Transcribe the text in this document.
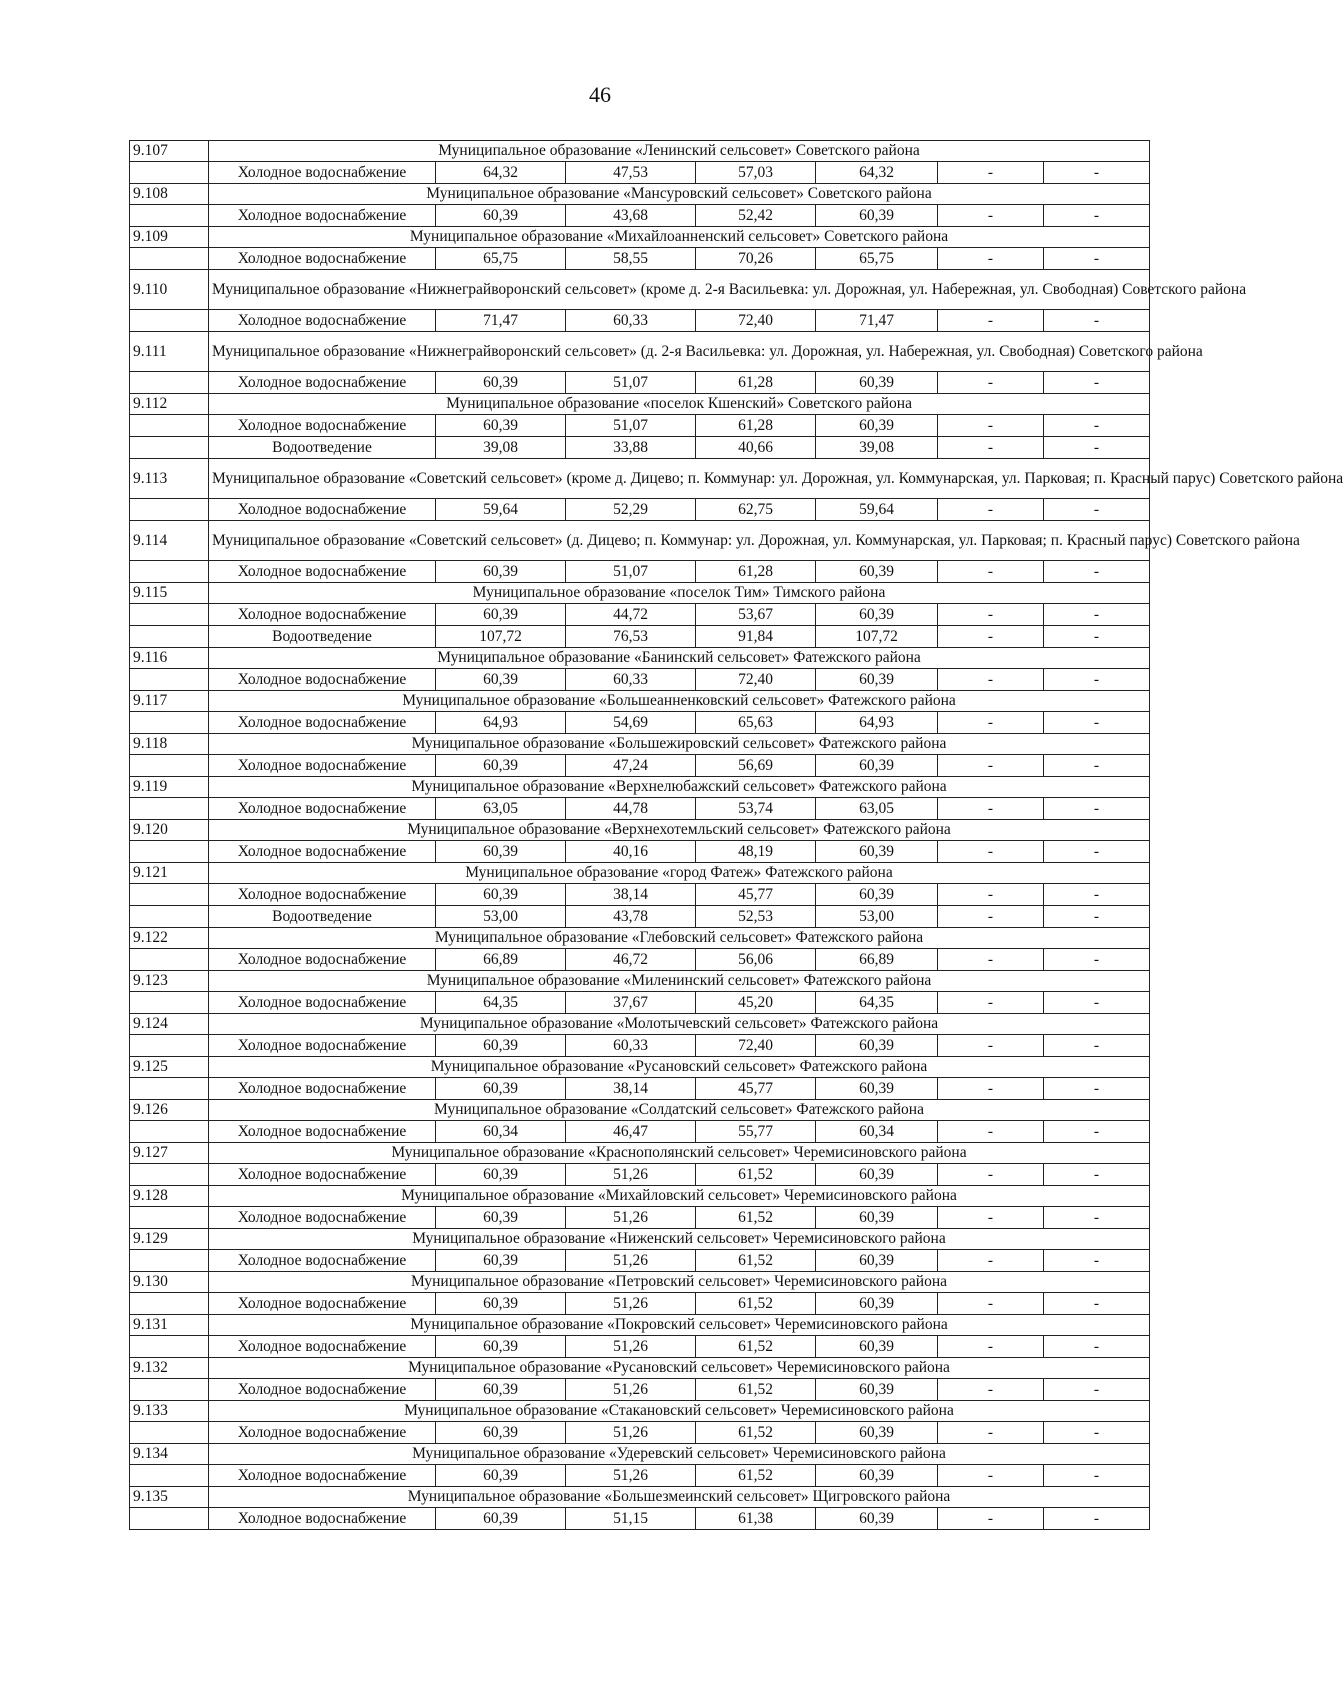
46
9.107	Муниципальное образование «Ленинский сельсовет» Советского района						
	Холодное водоснабжение	64,32	47,53	57,03	64,32	-	-
9.108	Муниципальное образование «Мансуровский сельсовет» Советского района						
	Холодное водоснабжение	60,39	43,68	52,42	60,39	-	-
9.109	Муниципальное образование «Михайлоанненский сельсовет» Советского района						
	Холодное водоснабжение	65,75	58,55	70,26	65,75	-	-
9.110	Муниципальное образование «Нижнеграйворонский сельсовет» (кроме д. 2-я Васильевка: ул. Дорожная, ул. Набережная, ул. Свободная) Советского района						
	Холодное водоснабжение	71,47	60,33	72,40	71,47	-	-
9.111	Муниципальное образование «Нижнеграйворонский сельсовет» (д. 2-я Васильевка: ул. Дорожная, ул. Набережная, ул. Свободная) Советского района						
	Холодное водоснабжение	60,39	51,07	61,28	60,39	-	-
9.112	Муниципальное образование «поселок Кшенский» Советского района						
	Холодное водоснабжение	60,39	51,07	61,28	60,39	-	-
	Водоотведение	39,08	33,88	40,66	39,08	-	-
9.113	Муниципальное образование «Советский сельсовет» (кроме д. Дицево; п. Коммунар: ул. Дорожная, ул. Коммунарская, ул. Парковая; п. Красный парус) Советского района						
	Холодное водоснабжение	59,64	52,29	62,75	59,64	-	-
9.114	Муниципальное образование «Советский сельсовет» (д. Дицево; п. Коммунар: ул. Дорожная, ул. Коммунарская, ул. Парковая; п. Красный парус) Советского района						
	Холодное водоснабжение	60,39	51,07	61,28	60,39	-	-
9.115	Муниципальное образование «поселок Тим» Тимского района						
	Холодное водоснабжение	60,39	44,72	53,67	60,39	-	-
	Водоотведение	107,72	76,53	91,84	107,72	-	-
9.116	Муниципальное образование «Банинский сельсовет» Фатежского района						
	Холодное водоснабжение	60,39	60,33	72,40	60,39	-	-
9.117	Муниципальное образование «Большеанненковский сельсовет» Фатежского района						
	Холодное водоснабжение	64,93	54,69	65,63	64,93	-	-
9.118	Муниципальное образование «Большежировский сельсовет» Фатежского района						
	Холодное водоснабжение	60,39	47,24	56,69	60,39	-	-
9.119	Муниципальное образование «Верхнелюбажский сельсовет» Фатежского района						
	Холодное водоснабжение	63,05	44,78	53,74	63,05	-	-
9.120	Муниципальное образование «Верхнехотемльский сельсовет» Фатежского района						
	Холодное водоснабжение	60,39	40,16	48,19	60,39	-	-
9.121	Муниципальное образование «город Фатеж» Фатежского района						
	Холодное водоснабжение	60,39	38,14	45,77	60,39	-	-
	Водоотведение	53,00	43,78	52,53	53,00	-	-
9.122	Муниципальное образование «Глебовский сельсовет» Фатежского района						
	Холодное водоснабжение	66,89	46,72	56,06	66,89	-	-
9.123	Муниципальное образование «Миленинский сельсовет» Фатежского района						
	Холодное водоснабжение	64,35	37,67	45,20	64,35	-	-
9.124	Муниципальное образование «Молотычевский сельсовет» Фатежского района						
	Холодное водоснабжение	60,39	60,33	72,40	60,39	-	-
9.125	Муниципальное образование «Русановский сельсовет» Фатежского района						
	Холодное водоснабжение	60,39	38,14	45,77	60,39	-	-
9.126	Муниципальное образование «Солдатский сельсовет» Фатежского района						
	Холодное водоснабжение	60,34	46,47	55,77	60,34	-	-
9.127	Муниципальное образование «Краснополянский сельсовет» Черемисиновского района						
	Холодное водоснабжение	60,39	51,26	61,52	60,39	-	-
9.128	Муниципальное образование «Михайловский сельсовет» Черемисиновского района						
	Холодное водоснабжение	60,39	51,26	61,52	60,39	-	-
9.129	Муниципальное образование «Ниженский сельсовет» Черемисиновского района						
	Холодное водоснабжение	60,39	51,26	61,52	60,39	-	-
9.130	Муниципальное образование «Петровский сельсовет» Черемисиновского района						
	Холодное водоснабжение	60,39	51,26	61,52	60,39	-	-
9.131	Муниципальное образование «Покровский сельсовет» Черемисиновского района						
	Холодное водоснабжение	60,39	51,26	61,52	60,39	-	-
9.132	Муниципальное образование «Русановский сельсовет» Черемисиновского района						
	Холодное водоснабжение	60,39	51,26	61,52	60,39	-	-
9.133	Муниципальное образование «Стакановский сельсовет» Черемисиновского района						
	Холодное водоснабжение	60,39	51,26	61,52	60,39	-	-
9.134	Муниципальное образование «Удеревский сельсовет» Черемисиновского района						
	Холодное водоснабжение	60,39	51,26	61,52	60,39	-	-
9.135	Муниципальное образование «Большезмеинский сельсовет» Щигровского района						
	Холодное водоснабжение	60,39	51,15	61,38	60,39	-	-
